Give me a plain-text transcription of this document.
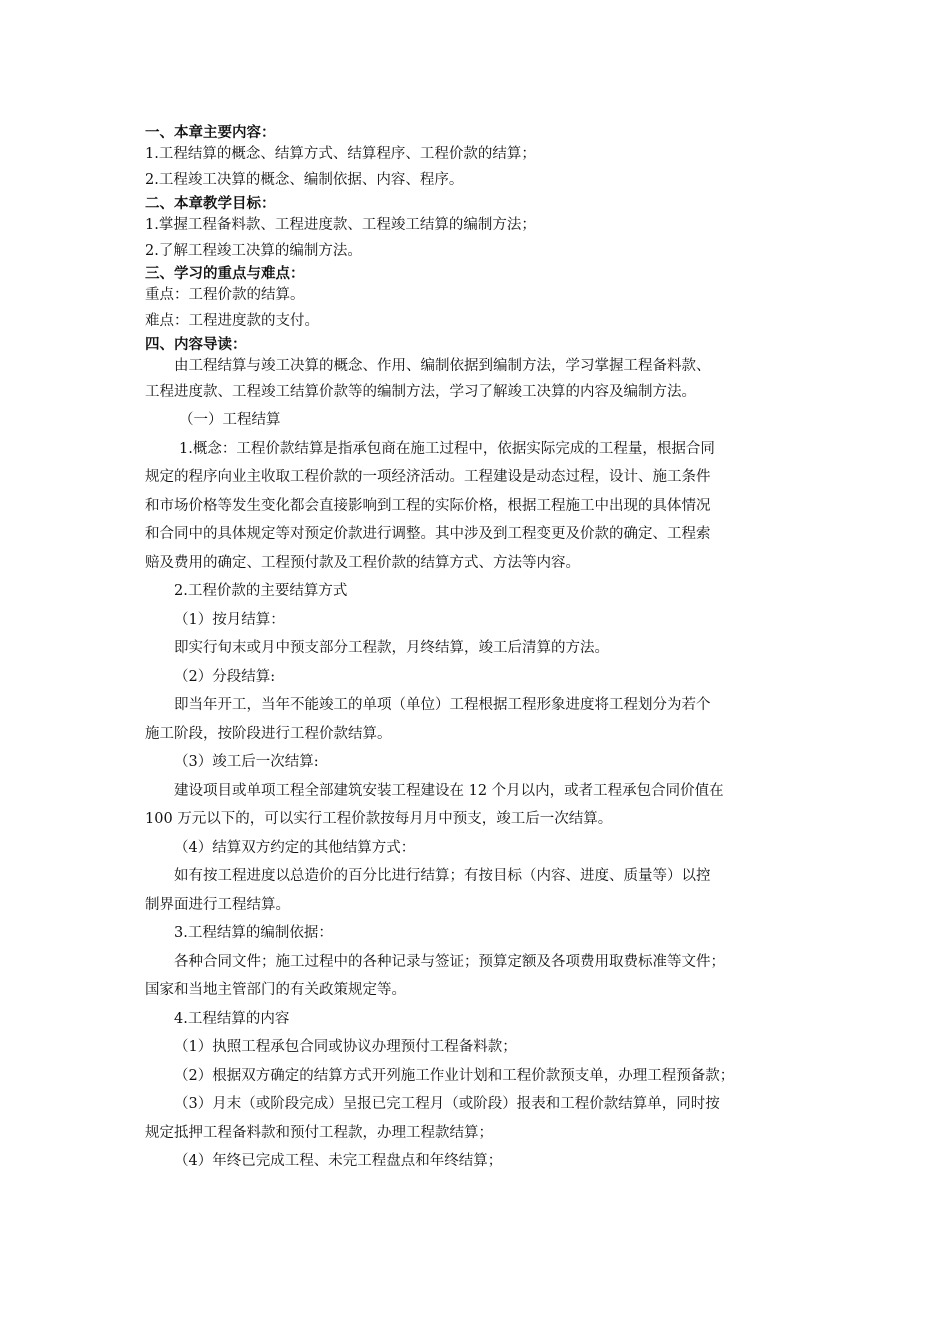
一、本章主要内容：
1.工程结算的概念、结算方式、结算程序、工程价款的结算；
2.工程竣工决算的概念、编制依据、内容、程序。
二、本章教学目标：
1.掌握工程备料款、工程进度款、工程竣工结算的编制方法；
2.了解工程竣工决算的编制方法。
三、学习的重点与难点：
重点：工程价款的结算。
难点：工程进度款的支付。
四、内容导读：
由工程结算与竣工决算的概念、作用、编制依据到编制方法，学习掌握工程备料款、
工程进度款、工程竣工结算价款等的编制方法，学习了解竣工决算的内容及编制方法。
（一）工程结算
1.概念：工程价款结算是指承包商在施工过程中，依据实际完成的工程量，根据合同
规定的程序向业主收取工程价款的一项经济活动。工程建设是动态过程，设计、施工条件
和市场价格等发生变化都会直接影响到工程的实际价格，根据工程施工中出现的具体情况
和合同中的具体规定等对预定价款进行调整。其中涉及到工程变更及价款的确定、工程索
赔及费用的确定、工程预付款及工程价款的结算方式、方法等内容。
2.工程价款的主要结算方式
（1）按月结算：
即实行旬末或月中预支部分工程款，月终结算，竣工后清算的方法。
（2）分段结算:
即当年开工，当年不能竣工的单项（单位）工程根据工程形象进度将工程划分为若个
施工阶段，按阶段进行工程价款结算。
（3）竣工后一次结算:
建设项目或单项工程全部建筑安装工程建设在 12 个月以内，或者工程承包合同价值在
100 万元以下的，可以实行工程价款按每月月中预支，竣工后一次结算。
（4）结算双方约定的其他结算方式：
如有按工程进度以总造价的百分比进行结算；有按目标（内容、进度、质量等）以控
制界面进行工程结算。
3.工程结算的编制依据：
各种合同文件；施工过程中的各种记录与签证；预算定额及各项费用取费标准等文件；
国家和当地主管部门的有关政策规定等。
4.工程结算的内容
（1）执照工程承包合同或协议办理预付工程备料款；
（2）根据双方确定的结算方式开列施工作业计划和工程价款预支单，办理工程预备款；
（3）月末（或阶段完成）呈报已完工程月（或阶段）报表和工程价款结算单，同时按
规定抵押工程备料款和预付工程款，办理工程款结算；
（4）年终已完成工程、未完工程盘点和年终结算；
